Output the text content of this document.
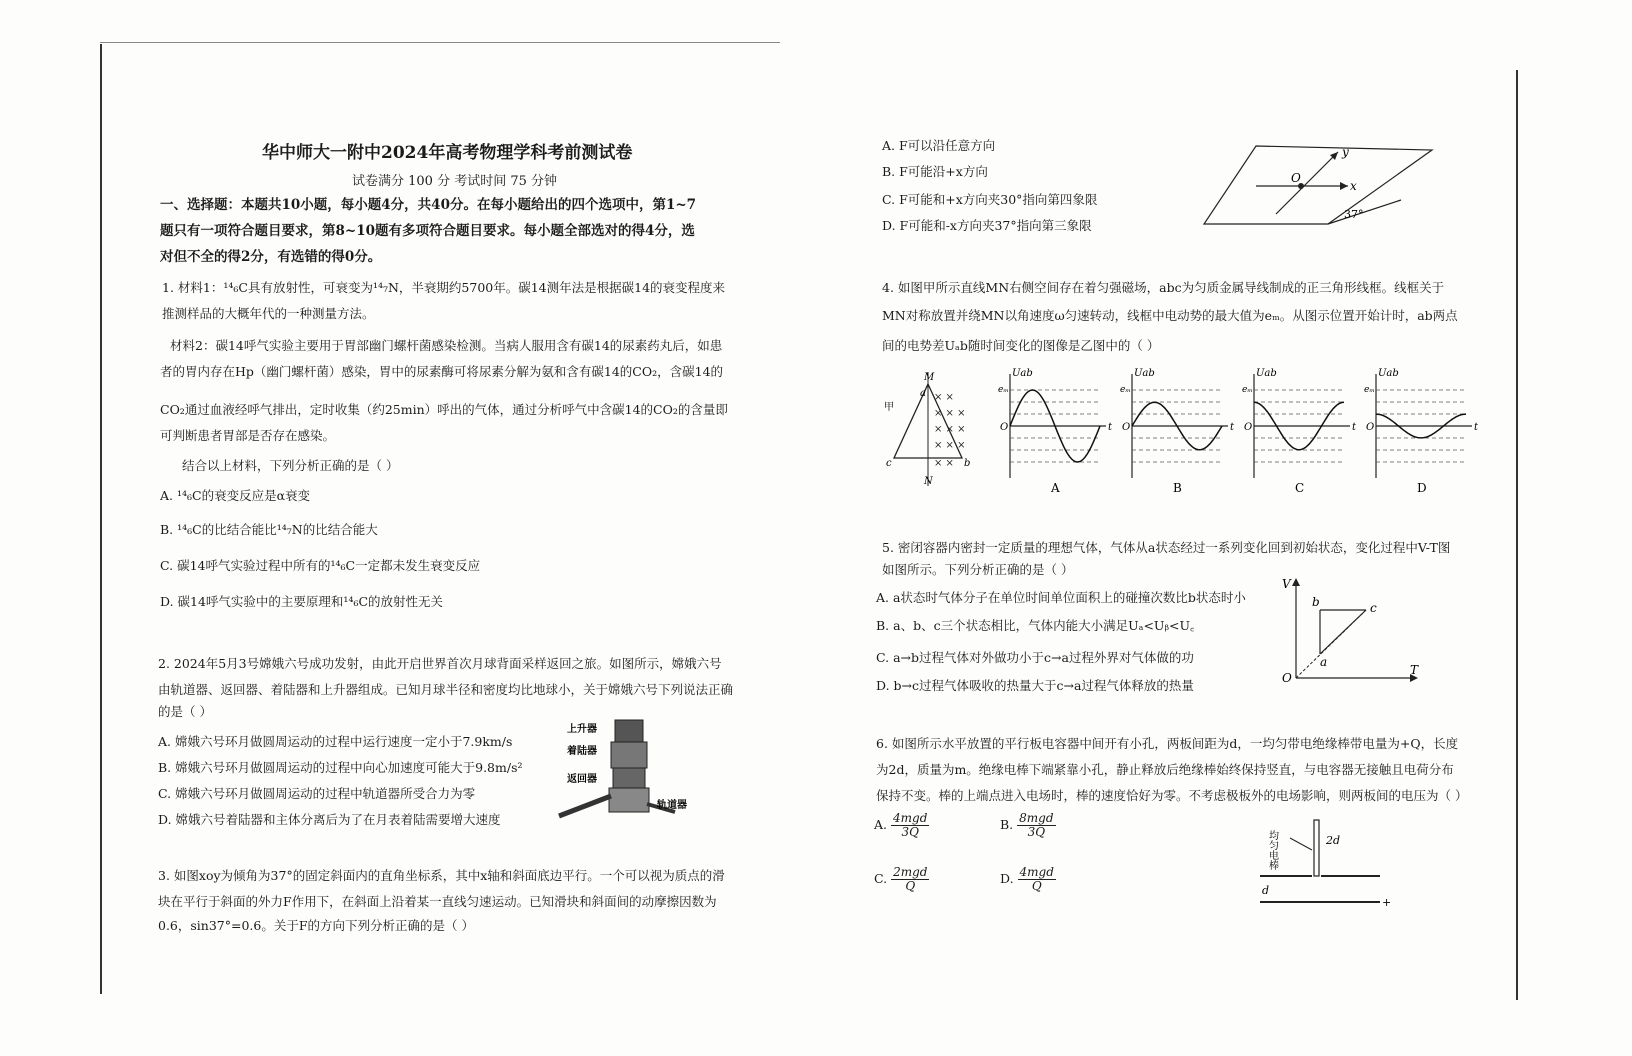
华中师大一附中2024年高考物理学科考前测试卷
试卷满分 100 分 考试时间 75 分钟
一、选择题：本题共10小题，每小题4分，共40分。在每小题给出的四个选项中，第1~7
题只有一项符合题目要求，第8~10题有多项符合题目要求。每小题全部选对的得4分，选
对但不全的得2分，有选错的得0分。
1. 材料1：¹⁴₆C具有放射性，可衰变为¹⁴₇N，半衰期约5700年。碳14测年法是根据碳14的衰变程度来
推测样品的大概年代的一种测量方法。
材料2：碳14呼气实验主要用于胃部幽门螺杆菌感染检测。当病人服用含有碳14的尿素药丸后，如患
者的胃内存在Hp（幽门螺杆菌）感染，胃中的尿素酶可将尿素分解为氨和含有碳14的CO₂，含碳14的
CO₂通过血液经呼气排出，定时收集（约25min）呼出的气体，通过分析呼气中含碳14的CO₂的含量即
可判断患者胃部是否存在感染。
结合以上材料，下列分析正确的是（ ）
A. ¹⁴₆C的衰变反应是α衰变
B. ¹⁴₆C的比结合能比¹⁴₇N的比结合能大
C. 碳14呼气实验过程中所有的¹⁴₆C一定都未发生衰变反应
D. 碳14呼气实验中的主要原理和¹⁴₆C的放射性无关
2. 2024年5月3号嫦娥六号成功发射，由此开启世界首次月球背面采样返回之旅。如图所示，嫦娥六号
由轨道器、返回器、着陆器和上升器组成。已知月球半径和密度均比地球小，关于嫦娥六号下列说法正确
的是（ ）
A. 嫦娥六号环月做圆周运动的过程中运行速度一定小于7.9km/s
B. 嫦娥六号环月做圆周运动的过程中向心加速度可能大于9.8m/s²
C. 嫦娥六号环月做圆周运动的过程中轨道器所受合力为零
D. 嫦娥六号着陆器和主体分离后为了在月表着陆需要增大速度
上升器
着陆器
返回器
轨道器
3. 如图xoy为倾角为37°的固定斜面内的直角坐标系，其中x轴和斜面底边平行。一个可以视为质点的滑
块在平行于斜面的外力F作用下，在斜面上沿着某一直线匀速运动。已知滑块和斜面间的动摩擦因数为
0.6，sin37°=0.6。关于F的方向下列分析正确的是（ ）
A. F可以沿任意方向
B. F可能沿+x方向
C. F可能和+x方向夹30°指向第四象限
D. F可能和-x方向夹37°指向第三象限
x
y
O
37°
4. 如图甲所示直线MN右侧空间存在着匀强磁场，abc为匀质金属导线制成的正三角形线框。线框关于
MN对称放置并绕MN以角速度ω匀速转动，线框中电动势的最大值为eₘ。从图示位置开始计时，ab两点
间的电势差Uₐb随时间变化的图像是乙图中的（ ）
× ×
× × ×
× × ×
× × ×
× ×
M
N
甲
a
b
c
Uab
t
O
eₘ
A
Uab
t
O
eₘ
B
Uab
t
O
eₘ
C
Uab
t
O
eₘ
D
5. 密闭容器内密封一定质量的理想气体，气体从a状态经过一系列变化回到初始状态，变化过程中V-T图
如图所示。下列分析正确的是（ ）
A. a状态时气体分子在单位时间单位面积上的碰撞次数比b状态时小
B. a、b、c三个状态相比，气体内能大小满足Uₐ<Uᵦ<U꜀
C. a→b过程气体对外做功小于c→a过程外界对气体做的功
D. b→c过程气体吸收的热量大于c→a过程气体释放的热量
V
T
O
a
b	c
6. 如图所示水平放置的平行板电容器中间开有小孔，两板间距为d，一均匀带电绝缘棒带电量为+Q，长度
为2d，质量为m。绝缘电棒下端紧靠小孔，静止释放后绝缘棒始终保持竖直，与电容器无接触且电荷分布
保持不变。棒的上端点进入电场时，棒的速度恰好为零。不考虑极板外的电场影响，则两板间的电压为（ ）
A. $\frac{\text{4mgd}}{3Q}$	B. $\frac{\text{8mgd}}{3Q}$
C. $\frac{\text{2mgd}}{Q}$	D. $\frac{\text{4mgd}}{Q}$
均匀电棒	2d
d
+
